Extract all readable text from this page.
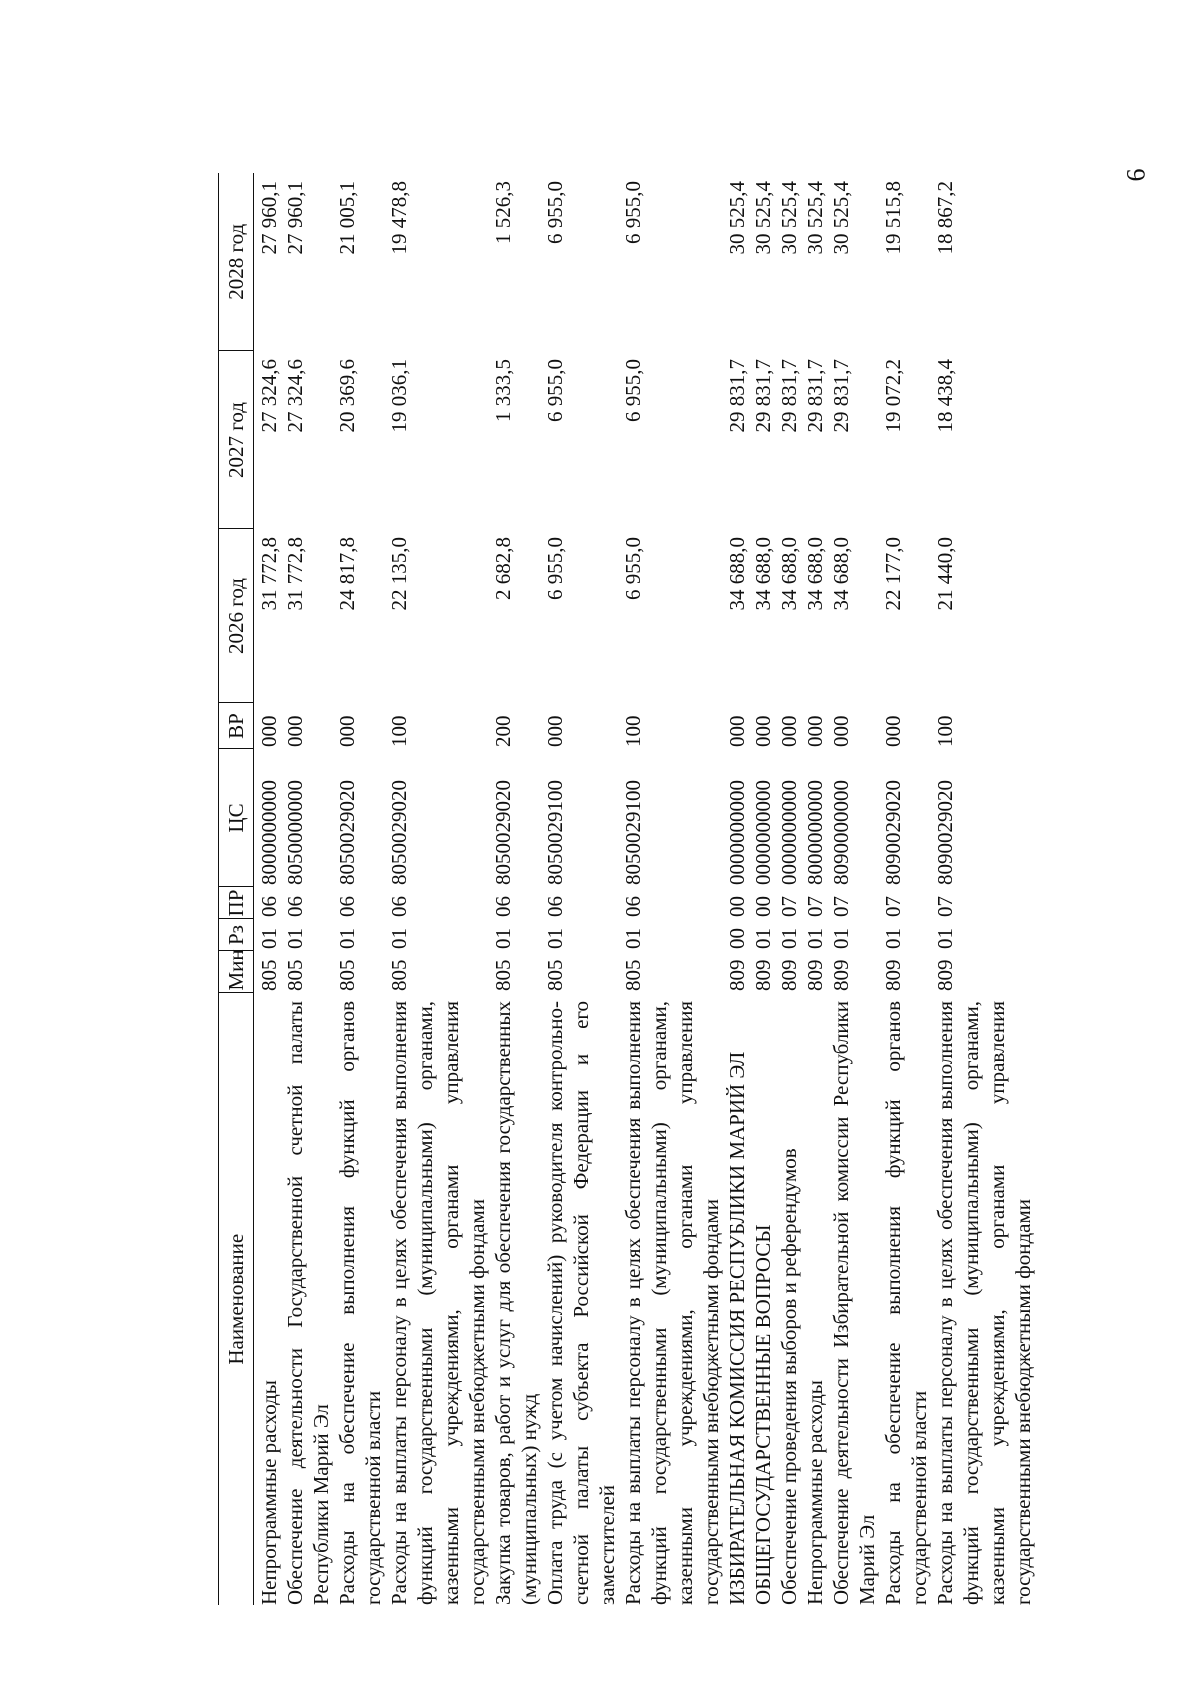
6
Наименование	Мин	Рз	ПР	ЦС	ВР	2026 год	2027 год	2028 год
Непрограммные расходы	805	01	06	8000000000	000	31 772,8	27 324,6	27 960,1
Обеспечение деятельности Государственной счетной палаты Республики Марий Эл	805	01	06	8050000000	000	31 772,8	27 324,6	27 960,1
Расходы на обеспечение выполнения функций органов государственной власти	805	01	06	8050029020	000	24 817,8	20 369,6	21 005,1
Расходы на выплаты персоналу в целях обеспечения выполнения функций государственными (муниципальными) органами, казенными учреждениями, органами управления государственными внебюджетными фондами	805	01	06	8050029020	100	22 135,0	19 036,1	19 478,8
Закупка товаров, работ и услуг для обеспечения государственных (муниципальных) нужд	805	01	06	8050029020	200	2 682,8	1 333,5	1 526,3
Оплата труда (с учетом начислений) руководителя контрольно-счетной палаты субъекта Российской Федерации и его заместителей	805	01	06	8050029100	000	6 955,0	6 955,0	6 955,0
Расходы на выплаты персоналу в целях обеспечения выполнения функций государственными (муниципальными) органами, казенными учреждениями, органами управления государственными внебюджетными фондами	805	01	06	8050029100	100	6 955,0	6 955,0	6 955,0
ИЗБИРАТЕЛЬНАЯ КОМИССИЯ РЕСПУБЛИКИ МАРИЙ ЭЛ	809	00	00	0000000000	000	34 688,0	29 831,7	30 525,4
ОБЩЕГОСУДАРСТВЕННЫЕ ВОПРОСЫ	809	01	00	0000000000	000	34 688,0	29 831,7	30 525,4
Обеспечение проведения выборов и референдумов	809	01	07	0000000000	000	34 688,0	29 831,7	30 525,4
Непрограммные расходы	809	01	07	8000000000	000	34 688,0	29 831,7	30 525,4
Обеспечение деятельности Избирательной комиссии Республики Марий Эл	809	01	07	8090000000	000	34 688,0	29 831,7	30 525,4
Расходы на обеспечение выполнения функций органов государственной власти	809	01	07	8090029020	000	22 177,0	19 072,2	19 515,8
Расходы на выплаты персоналу в целях обеспечения выполнения функций государственными (муниципальными) органами, казенными учреждениями, органами управления государственными внебюджетными фондами	809	01	07	8090029020	100	21 440,0	18 438,4	18 867,2
